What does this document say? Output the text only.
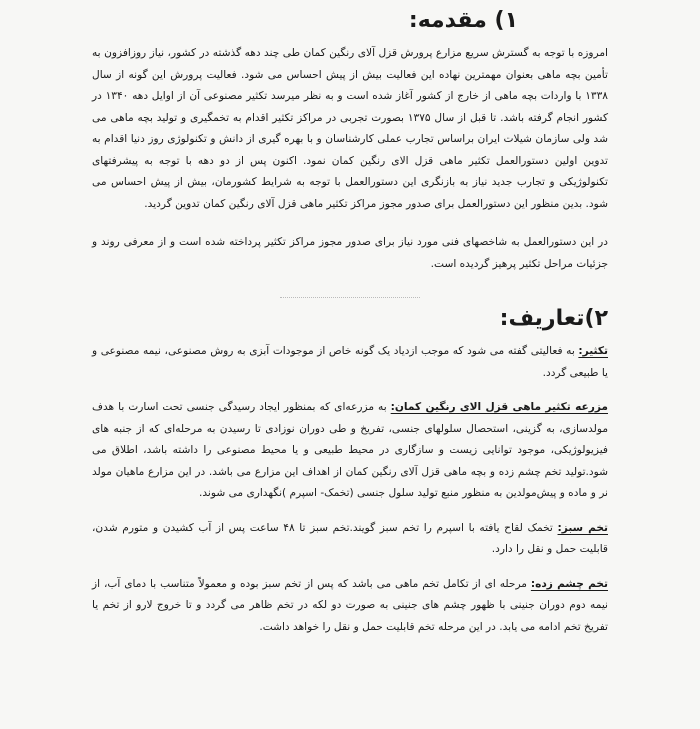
۱) مقدمه:

امروزه با توجه به گسترش سریع مزارع پرورش قزل آلای رنگین کمان طی چند دهه گذشته در کشور، نیاز روزافزون به تأمین بچه ماهی بعنوان مهمترین نهاده این فعالیت بیش از پیش احساس می شود. فعالیت پرورش این گونه از سال ۱۳۳۸ با واردات بچه ماهی از خارج از کشور آغاز شده است و به نظر میرسد تکثیر مصنوعی آن از اوایل دهه ۱۳۴۰ در کشور انجام گرفته باشد. تا قبل از سال ۱۳۷۵ بصورت تجربی در مراکز تکثیر اقدام به تخمگیری و تولید بچه ماهی می شد ولی سازمان شیلات ایران براساس تجارب عملی کارشناسان و با بهره گیری از دانش و تکنولوژی روز دنیا اقدام به تدوین اولین دستورالعمل تکثیر ماهی قزل الای رنگین کمان نمود. اکنون پس از دو دهه با توجه به پیشرفتهای تکنولوژیکی و تجارب جدید نیاز به بازنگری این دستورالعمل با توجه به شرایط کشورمان، بیش از پیش احساس می شود. بدین منظور این دستورالعمل برای صدور مجوز مراکز تکثیر ماهی قزل آلای رنگین کمان تدوین گردید.

در این دستورالعمل به شاخصهای فنی مورد نیاز برای صدور مجوز مراکز تکثیر پرداخته شده است و از معرفی روند و جزئیات مراحل تکثیر پرهیز گردیده است.

۲)تعاریف:

تکثیر: به فعالیتی گفته می شود که موجب ازدیاد یک گونه خاص از موجودات آبزی به روش مصنوعی، نیمه مصنوعی و یا طبیعی گردد.

مزرعه تکثیر ماهی قزل الای رنگین کمان: به مزرعه‌ای که بمنظور ایجاد رسیدگی جنسی تحت اسارت با هدف مولدسازی، به گزینی، استحصال سلولهای جنسی، تفریخ و طی دوران نوزادی تا رسیدن به مرحله‌ای که از جنبه های فیزیولوژیکی، موجود توانایی زیست و سازگاری در محیط طبیعی و یا محیط مصنوعی را داشته باشد، اطلاق می شود.تولید تخم چشم زده و بچه ماهی قزل آلای رنگین کمان از اهداف این مزارع می باشد. در این مزارع ماهیان مولد نر و ماده و پیش‌مولدین به منظور منبع تولید سلول جنسی (تخمک- اسپرم )نگهداری می شوند.

تخم سبز: تخمک لقاح یافته با اسپرم را تخم سبز گویند.تخم سبز تا ۴۸ ساعت پس از آب کشیدن و متورم شدن، قابلیت حمل و نقل را دارد.

تخم چشم زده: مرحله ای از تکامل تخم ماهی می باشد که پس از تخم سبز بوده و معمولاً متناسب با دمای آب، از نیمه دوم دوران جنینی با ظهور چشم های جنینی به صورت دو لکه در تخم ظاهر می گردد و تا خروج لارو از تخم یا تفریخ تخم ادامه می یابد. در این مرحله تخم قابلیت حمل و نقل را خواهد داشت.
